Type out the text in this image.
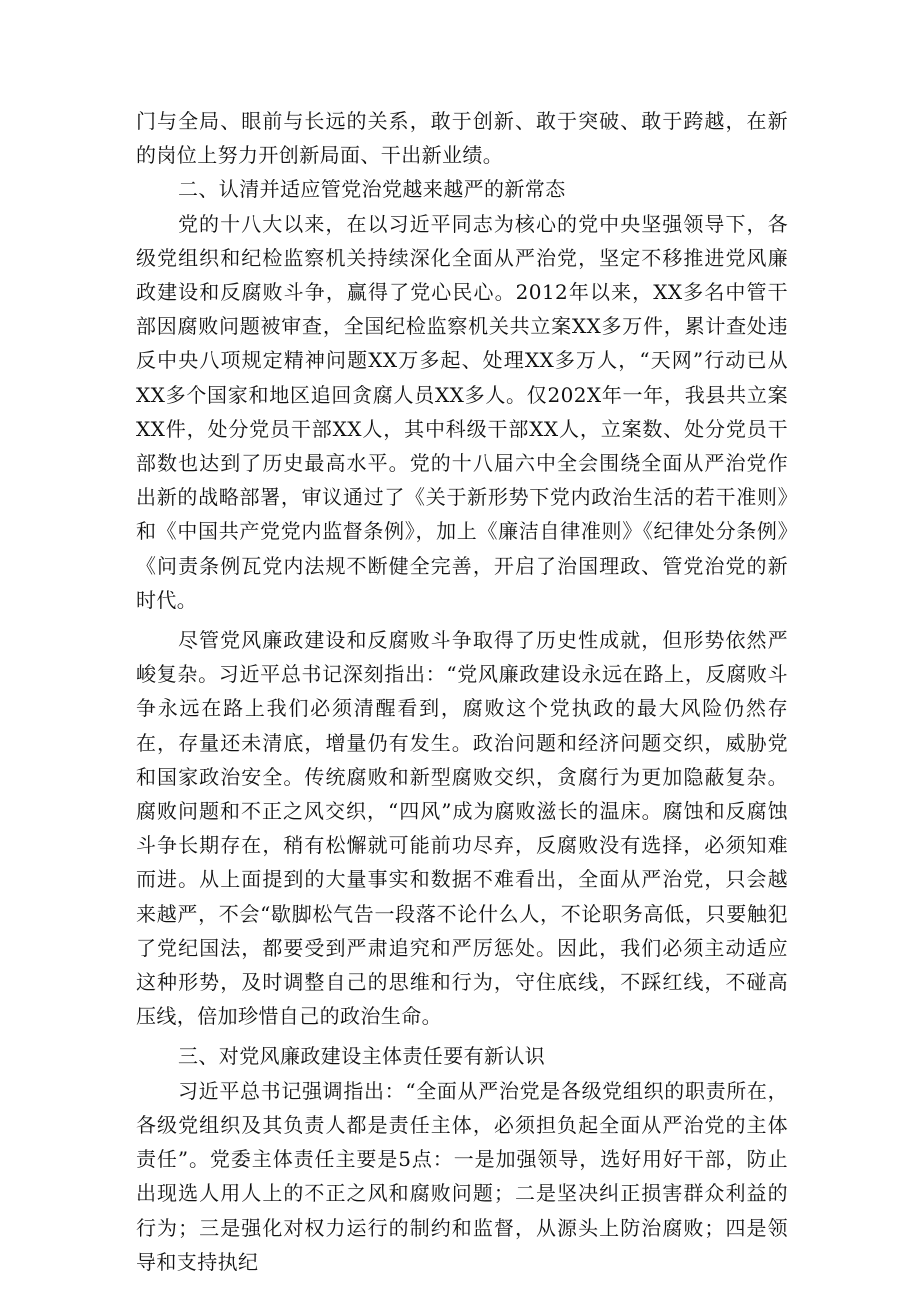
门与全局、眼前与长远的关系，敢于创新、敢于突破、敢于跨越，在新的岗位上努力开创新局面、干出新业绩。

二、认清并适应管党治党越来越严的新常态

党的十八大以来，在以习近平同志为核心的党中央坚强领导下，各级党组织和纪检监察机关持续深化全面从严治党，坚定不移推进党风廉政建设和反腐败斗争，赢得了党心民心。2012年以来，XX多名中管干部因腐败问题被审查，全国纪检监察机关共立案XX多万件，累计查处违反中央八项规定精神问题XX万多起、处理XX多万人，“天网”行动已从XX多个国家和地区追回贪腐人员XX多人。仅202X年一年，我县共立案XX件，处分党员干部XX人，其中科级干部XX人，立案数、处分党员干部数也达到了历史最高水平。党的十八届六中全会围绕全面从严治党作出新的战略部署，审议通过了《关于新形势下党内政治生活的若干准则》和《中国共产党党内监督条例》，加上《廉洁自律准则》《纪律处分条例》《问责条例瓦党内法规不断健全完善，开启了治国理政、管党治党的新时代。

尽管党风廉政建设和反腐败斗争取得了历史性成就，但形势依然严峻复杂。习近平总书记深刻指出：“党风廉政建设永远在路上，反腐败斗争永远在路上我们必须清醒看到，腐败这个党执政的最大风险仍然存在，存量还未清底，增量仍有发生。政治问题和经济问题交织，威胁党和国家政治安全。传统腐败和新型腐败交织，贪腐行为更加隐蔽复杂。腐败问题和不正之风交织，“四风”成为腐败滋长的温床。腐蚀和反腐蚀斗争长期存在，稍有松懈就可能前功尽弃，反腐败没有选择，必须知难而进。从上面提到的大量事实和数据不难看出，全面从严治党，只会越来越严，不会“歇脚松气告一段落不论什么人，不论职务高低，只要触犯了党纪国法，都要受到严肃追究和严厉惩处。因此，我们必须主动适应这种形势，及时调整自己的思维和行为，守住底线，不踩红线，不碰高压线，倍加珍惜自己的政治生命。

三、对党风廉政建设主体责任要有新认识

习近平总书记强调指出：“全面从严治党是各级党组织的职责所在，各级党组织及其负责人都是责任主体，必须担负起全面从严治党的主体责任”。党委主体责任主要是5点：一是加强领导，选好用好干部，防止出现选人用人上的不正之风和腐败问题；二是坚决纠正损害群众利益的行为；三是强化对权力运行的制约和监督，从源头上防治腐败；四是领导和支持执纪
